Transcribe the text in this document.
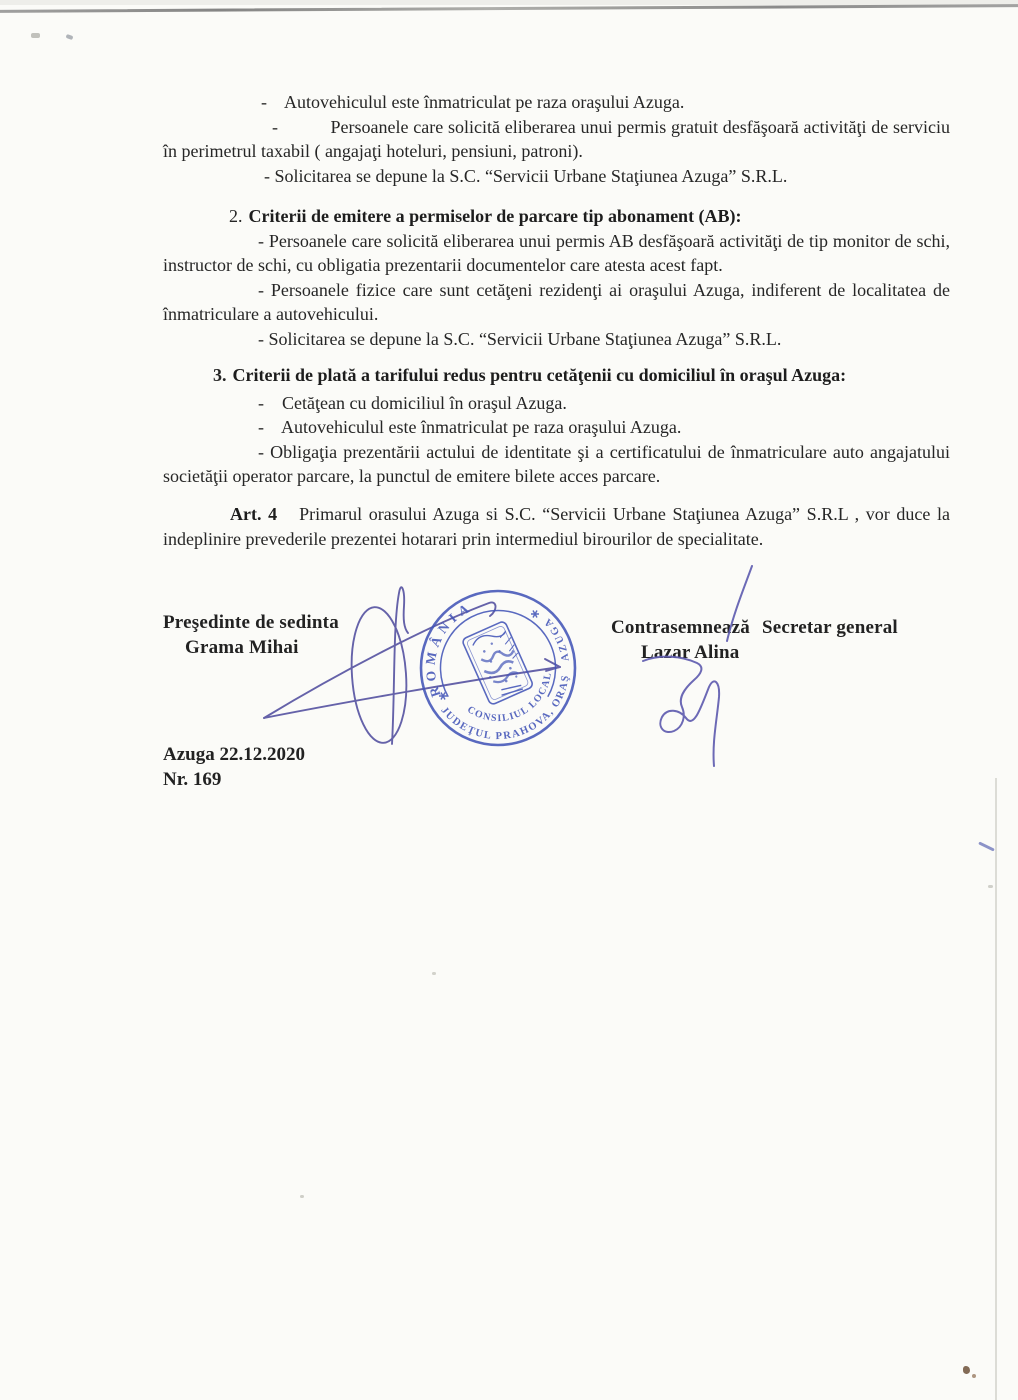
-    Autovehiculul este înmatriculat pe raza oraşului Azuga.

-           Persoanele care solicită eliberarea unui permis gratuit desfăşoară activităţi de serviciu în perimetrul taxabil ( angajaţi hoteluri, pensiuni, patroni).

- Solicitarea se depune la S.C. “Servicii Urbane Staţiunea Azuga” S.R.L.

2. Criterii de emitere a permiselor de parcare tip abonament (AB):

- Persoanele care solicită eliberarea unui permis AB desfăşoară activităţi de tip monitor de schi, instructor de schi, cu obligatia prezentarii documentelor care atesta acest fapt.

- Persoanele fizice care sunt cetăţeni rezidenţi ai oraşului Azuga, indiferent de localitatea de înmatriculare a autovehicului.

- Solicitarea se depune la S.C. “Servicii Urbane Staţiunea Azuga” S.R.L.

3. Criterii de plată a tarifului redus pentru cetăţenii cu domiciliul în oraşul Azuga:

-    Cetăţean cu domiciliul în oraşul Azuga.

-    Autovehiculul este înmatriculat pe raza oraşului Azuga.

- Obligaţia prezentării actului de identitate şi a certificatului de înmatriculare auto angajatului societăţii operator parcare, la punctul de emitere bilete acces parcare.

Art. 4 Primarul orasului Azuga si S.C. “Servicii Urbane Staţiunea Azuga” S.R.L , vor duce la indeplinire prevederile prezentei hotarari prin intermediul birourilor de specialitate.

Preşedinte de sedinta
Grama Mihai
Contrasemnează Secretar general
Lazar Alina
Azuga 22.12.2020
Nr. 169
ROMÂNIA
JUDEŢUL PRAHOVA, ORAŞAZUGA
CONSILIUL LOCAL
